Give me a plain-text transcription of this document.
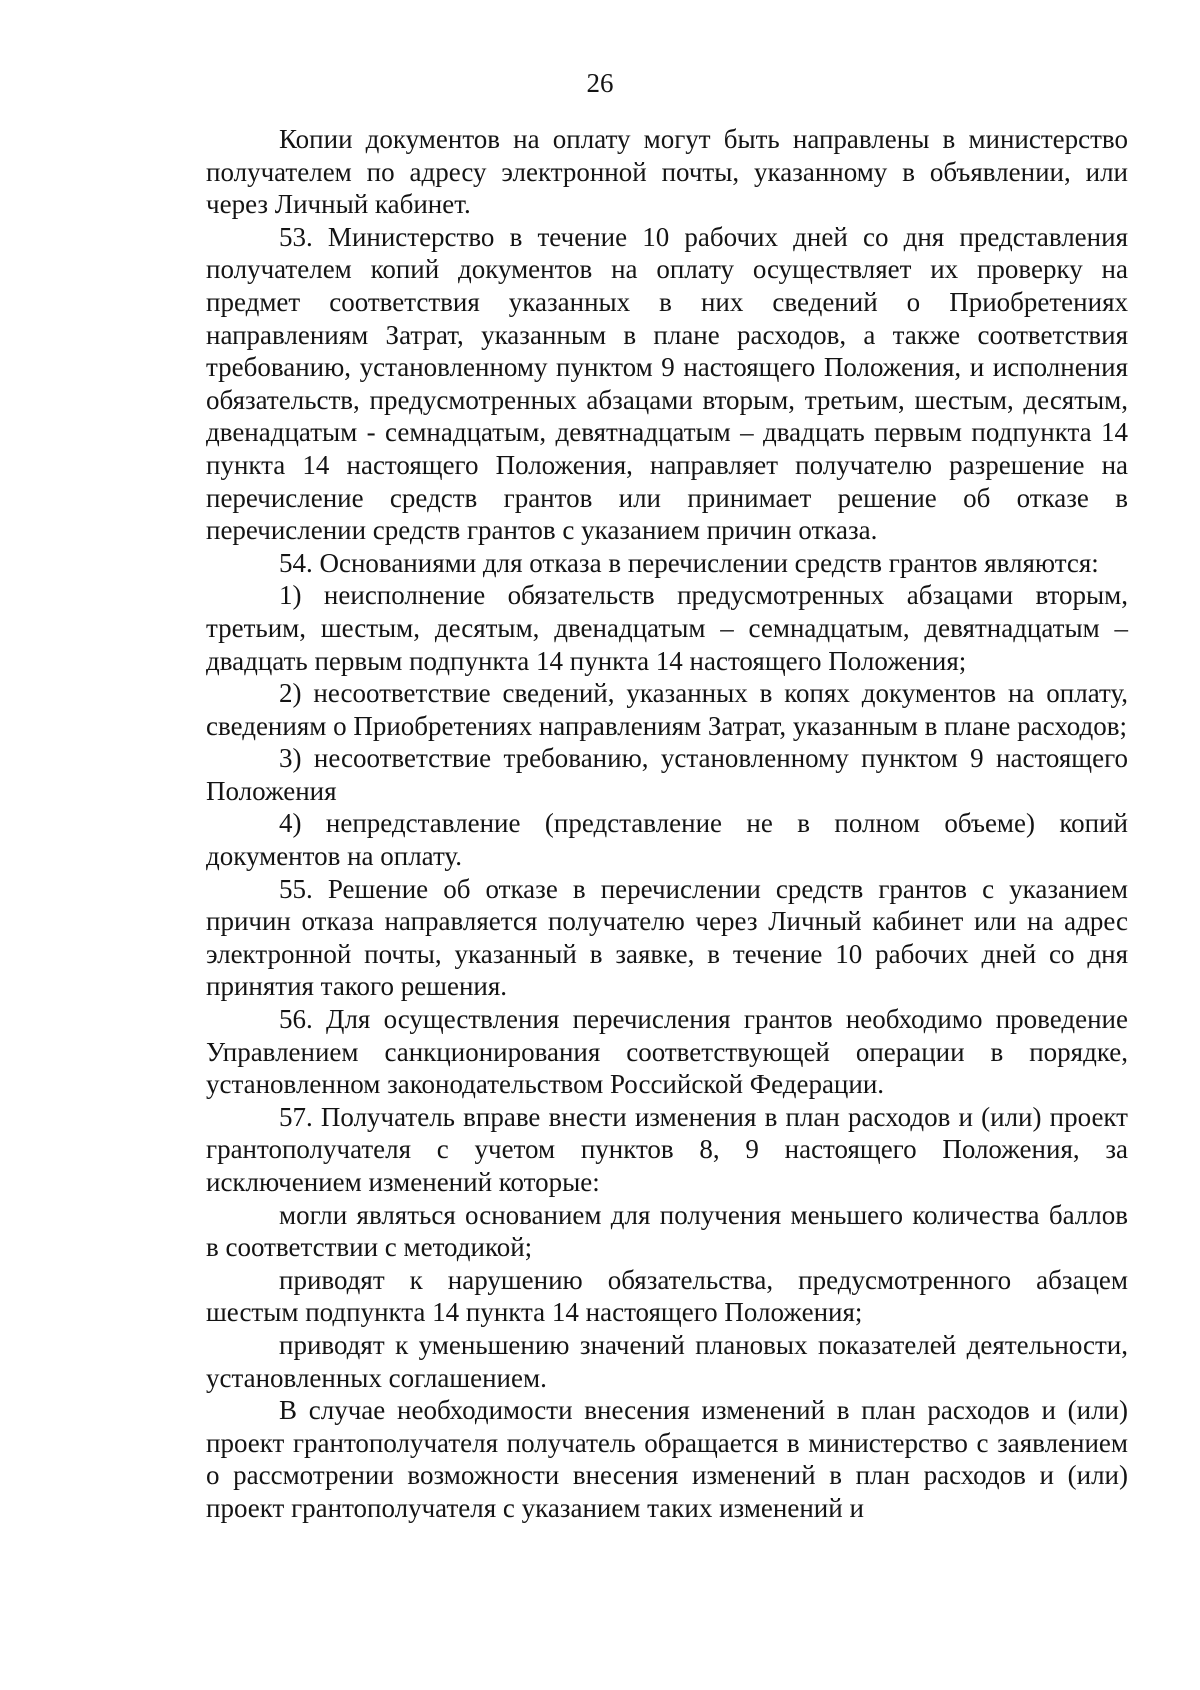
26

Копии документов на оплату могут быть направлены в министерство получателем по адресу электронной почты, указанному в объявлении, или через Личный кабинет.

53. Министерство в течение 10 рабочих дней со дня представления получателем копий документов на оплату осуществляет их проверку на предмет соответствия указанных в них сведений о Приобретениях направлениям Затрат, указанным в плане расходов, а также соответствия требованию, установленному пунктом 9 настоящего Положения, и исполнения обязательств, предусмотренных абзацами вторым, третьим, шестым, десятым, двенадцатым - семнадцатым, девятнадцатым – двадцать первым подпункта 14 пункта 14 настоящего Положения, направляет получателю разрешение на перечисление средств грантов или принимает решение об отказе в перечислении средств грантов с указанием причин отказа.

54. Основаниями для отказа в перечислении средств грантов являются:

1) неисполнение обязательств предусмотренных абзацами вторым, третьим, шестым, десятым, двенадцатым – семнадцатым, девятнадцатым – двадцать первым подпункта 14 пункта 14 настоящего Положения;

2) несоответствие сведений, указанных в копях документов на оплату, сведениям о Приобретениях направлениям Затрат, указанным в плане расходов;

3) несоответствие требованию, установленному пунктом 9 настоящего Положения

4) непредставление (представление не в полном объеме) копий документов на оплату.

55. Решение об отказе в перечислении средств грантов с указанием причин отказа направляется получателю через Личный кабинет или на адрес электронной почты, указанный в заявке, в течение 10 рабочих дней со дня принятия такого решения.

56. Для осуществления перечисления грантов необходимо проведение Управлением санкционирования соответствующей операции в порядке, установленном законодательством Российской Федерации.

57. Получатель вправе внести изменения в план расходов и (или) проект грантополучателя с учетом пунктов 8, 9 настоящего Положения, за исключением изменений которые:

могли являться основанием для получения меньшего количества баллов в соответствии с методикой;

приводят к нарушению обязательства, предусмотренного абзацем шестым подпункта 14 пункта 14 настоящего Положения;

приводят к уменьшению значений плановых показателей деятельности, установленных соглашением.

В случае необходимости внесения изменений в план расходов и (или) проект грантополучателя получатель обращается в министерство с заявлением о рассмотрении возможности внесения изменений в план расходов и (или) проект грантополучателя с указанием таких изменений и
